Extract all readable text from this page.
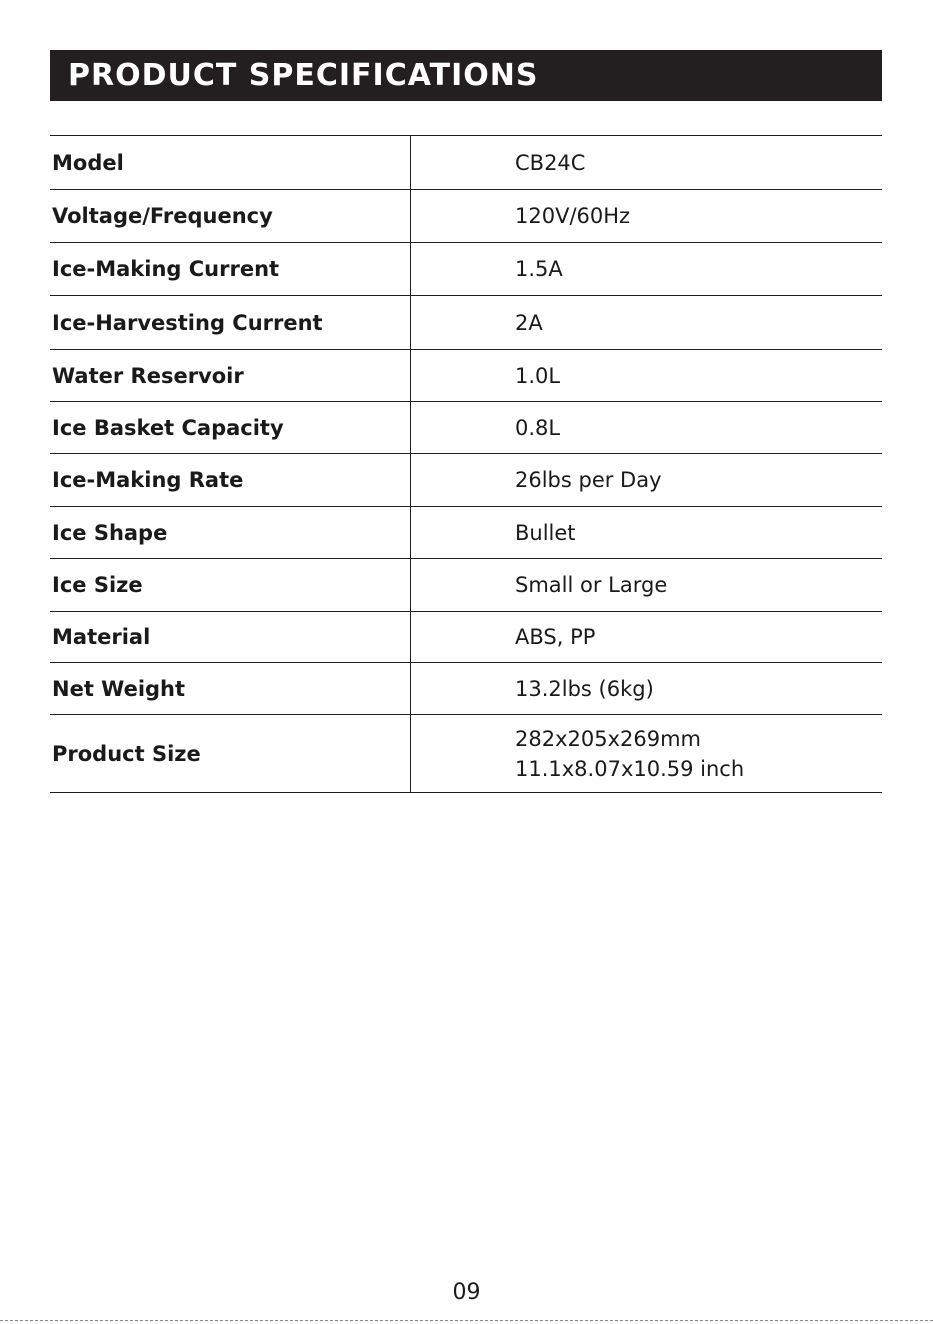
PRODUCT SPECIFICATIONS
Model	CB24C

Voltage/Frequency	120V/60Hz

Ice-Making Current	1.5A

Ice-Harvesting Current	2A

Water Reservoir	1.0L

Ice Basket Capacity	0.8L

Ice-Making Rate	26lbs per Day

Ice Shape	Bullet

Ice Size	Small or Large

Material	ABS, PP

Net Weight	13.2lbs (6kg)

Product Size	282x205x269mm
11.1x8.07x10.59 inch
09
